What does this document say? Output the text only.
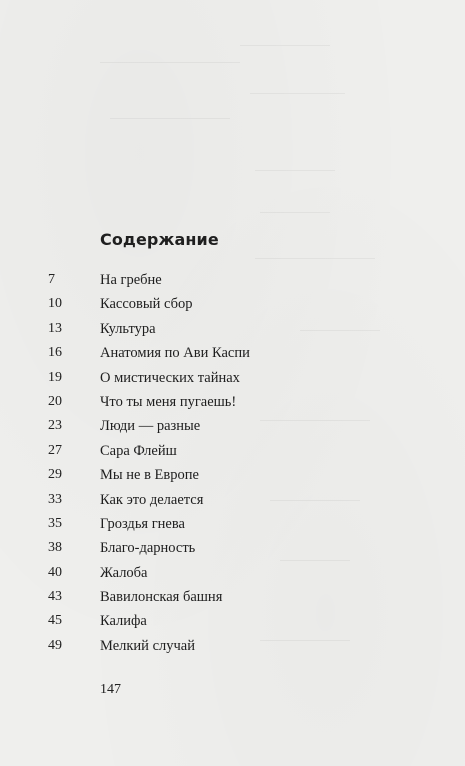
Содержание
7	На гребне
10	Кассовый сбор
13	Культура
16	Анатомия по Ави Каспи
19	О мистических тайнах
20	Что ты меня пугаешь!
23	Люди — разные
27	Сара Флейш
29	Мы не в Европе
33	Как это делается
35	Гроздья гнева
38	Благо-дарность
40	Жалоба
43	Вавилонская башня
45	Калифа
49	Мелкий случай
147
